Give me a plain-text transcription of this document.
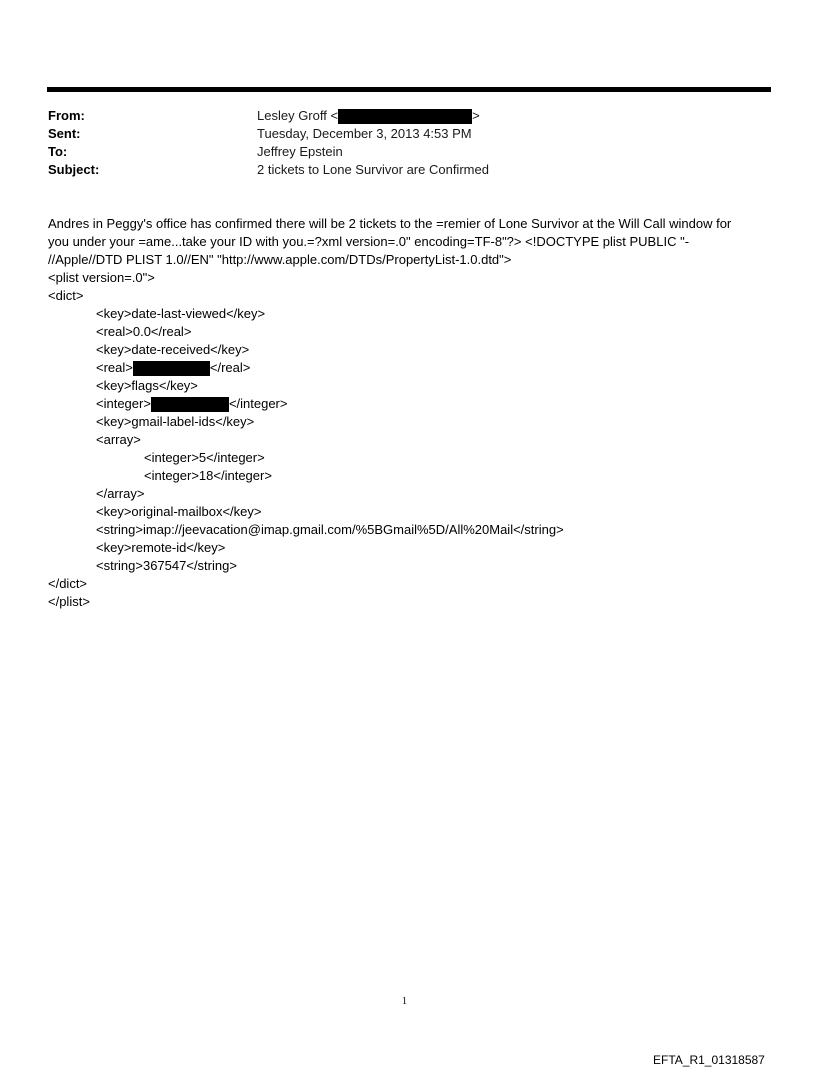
From:	Lesley Groff <	>
Sent:	Tuesday, December 3, 2013 4:53 PM
To:	Jeffrey Epstein
Subject:	2 tickets to Lone Survivor are Confirmed
Andres in Peggy's office has confirmed there will be 2 tickets to the =remier of Lone Survivor at the Will Call window for
you under your =ame...take your ID with you.=?xml version=.0" encoding=TF-8"?> <!DOCTYPE plist PUBLIC "-
//Apple//DTD PLIST 1.0//EN" "http://www.apple.com/DTDs/PropertyList-1.0.dtd">
<plist version=.0">
<dict>
<key>date-last-viewed</key>
<real>0.0</real>
<key>date-received</key>
<real>	</real>
<key>flags</key>
<integer>	</integer>
<key>gmail-label-ids</key>
<array>
<integer>5</integer>
<integer>18</integer>
</array>
<key>original-mailbox</key>
<string>imap://jeevacation@imap.gmail.com/%5BGmail%5D/All%20Mail</string>
<key>remote-id</key>
<string>367547</string>
</dict>
</plist>
1
EFTA_R1_01318587
